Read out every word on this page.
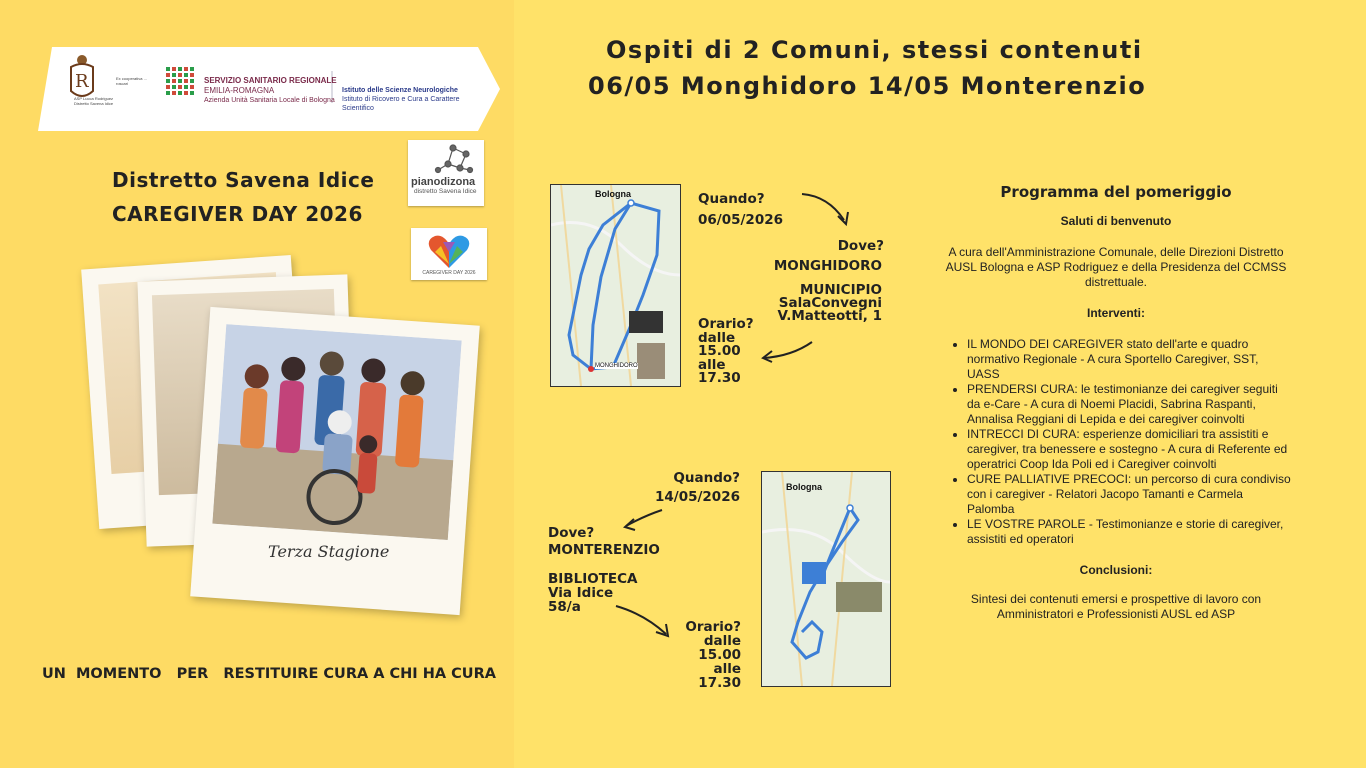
R
ASP Lucca Rodriguez
Distretto Savena Idice
Ex cooperativa ... roscari	SERVIZIO SANITARIO REGIONALE
EMILIA-ROMAGNA
Azienda Unità Sanitaria Locale di Bologna
Istituto delle Scienze Neurologiche
Istituto di Ricovero e Cura a Carattere Scientifico
Distretto Savena Idice
CAREGIVER DAY 2026
pianodizona
distretto Savena Idice
CAREGIVER DAY 2026
Terza Stagione
UN  MOMENTO   PER   RESTITUIRE CURA A CHI HA CURA
Ospiti di 2 Comuni, stessi contenuti
06/05 Monghidoro 14/05 Monterenzio
Bologna
MONGHIDORO
Quando?
06/05/2026
Dove?
MONGHIDORO
MUNICIPIO
SalaConvegni
V.Matteotti, 1
Orario?
dalle
15.00
alle
17.30
Quando?
14/05/2026
Dove?
MONTERENZIO
BIBLIOTECA
Via Idice
58/a
Orario?
dalle
15.00
alle
17.30
Bologna
Programma del pomeriggio
Saluti di benvenuto
A cura dell'Amministrazione Comunale, delle Direzioni Distretto AUSL Bologna e ASP Rodriguez e della Presidenza del CCMSS distrettuale.
Interventi:
• IL MONDO DEI CAREGIVER stato dell'arte e quadro normativo Regionale - A cura Sportello Caregiver, SST, UASS
• PRENDERSI CURA: le testimonianze dei caregiver seguiti da e-Care - A cura di Noemi Placidi, Sabrina Raspanti, Annalisa Reggiani di Lepida e dei caregiver coinvolti
• INTRECCI DI CURA: esperienze domiciliari tra assistiti e caregiver, tra benessere e sostegno - A cura di Referente ed operatrici Coop Ida Poli ed i Caregiver coinvolti
• CURE PALLIATIVE PRECOCI: un percorso di cura condiviso con i caregiver - Relatori Jacopo Tamanti e Carmela Palomba
• LE VOSTRE PAROLE - Testimonianze e storie di caregiver, assistiti ed operatori
Conclusioni:
Sintesi dei contenuti emersi e prospettive di lavoro con Amministratori e Professionisti AUSL ed ASP
